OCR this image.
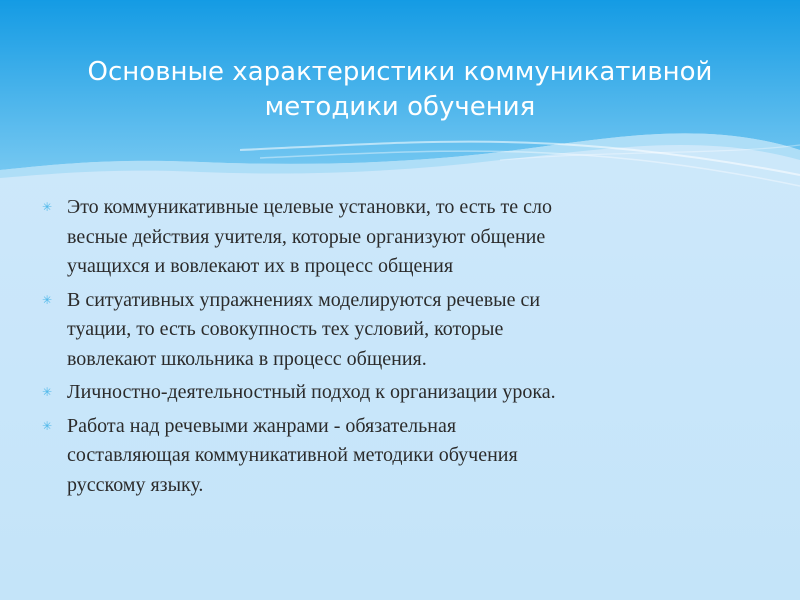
Основные характеристики коммуникативной
методики обучения
✳ Это коммуникативные целевые установки, то есть те сло
весные действия учителя, которые организуют общение
учащихся и вовлекают их в процесс общения
✳ В ситуативных упражнениях моделируются речевые си
туации, то есть совокупность тех условий, которые
вовлекают школьника в процесс общения.
✳ Личностно-деятельностный подход к организации урока.
✳ Работа над речевыми жанрами - обязательная
составляющая коммуникативной методики обучения
русскому языку.
